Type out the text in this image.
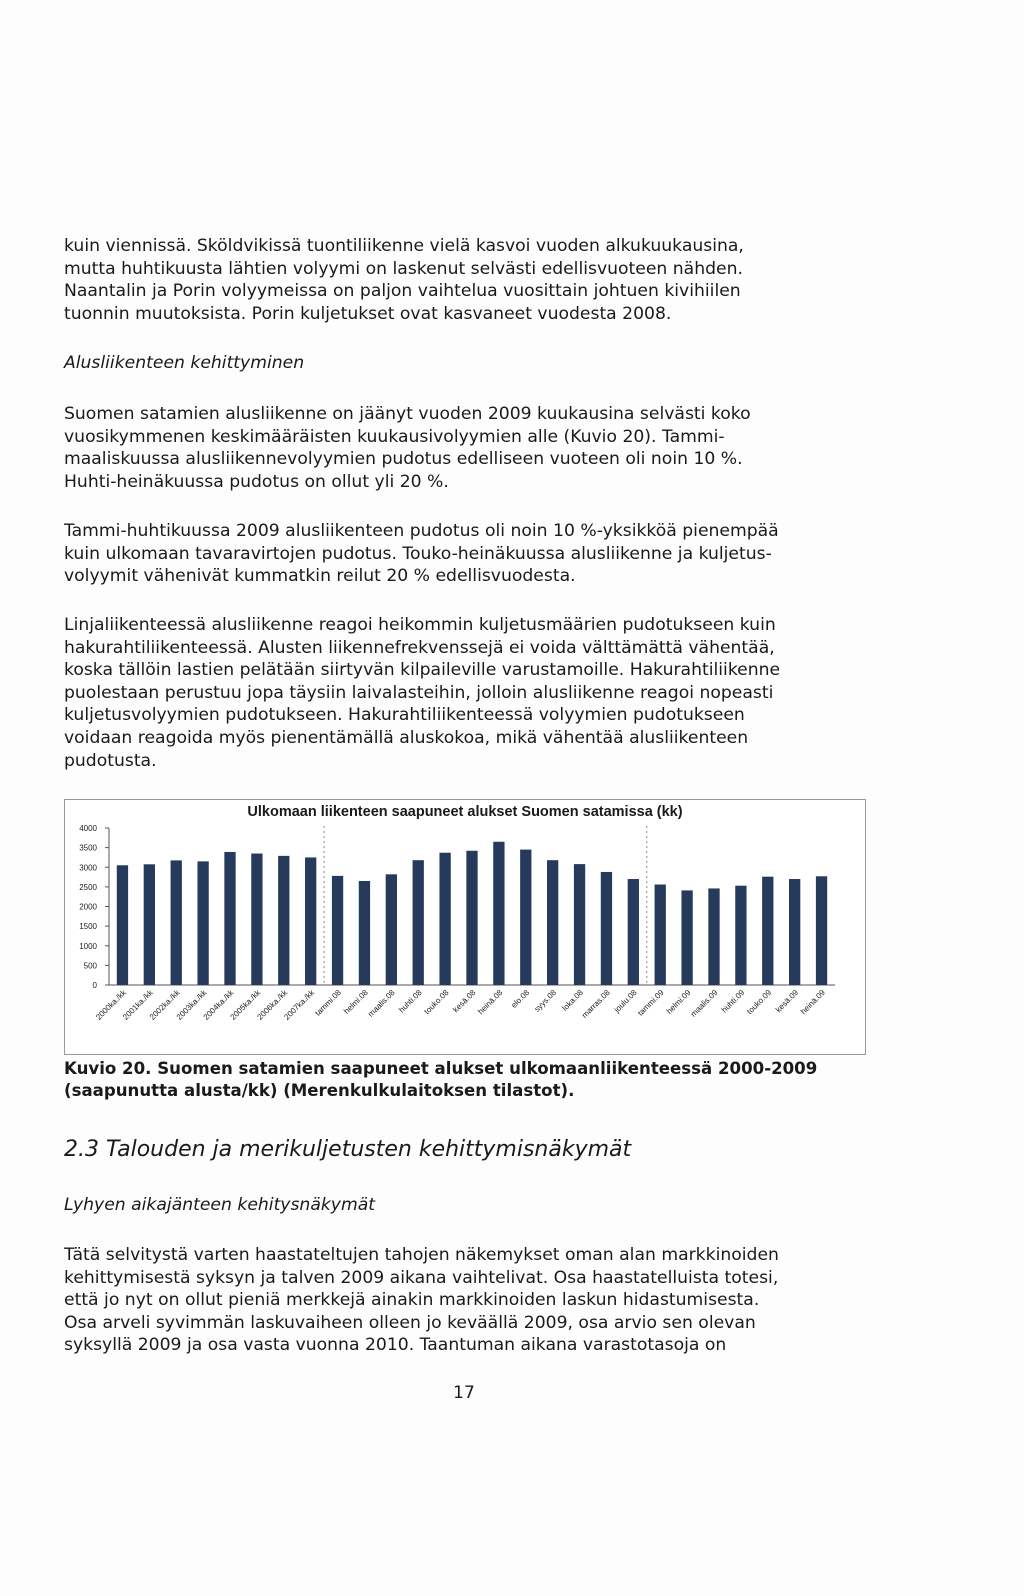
kuin viennissä. Sköldvikissä tuontiliikenne vielä kasvoi vuoden alkukuukausina,
mutta huhtikuusta lähtien volyymi on laskenut selvästi edellisvuoteen nähden.
Naantalin ja Porin volyymeissa on paljon vaihtelua vuosittain johtuen kivihiilen
tuonnin muutoksista. Porin kuljetukset ovat kasvaneet vuodesta 2008.

Alusliikenteen kehittyminen

Suomen satamien alusliikenne on jäänyt vuoden 2009 kuukausina selvästi koko
vuosikymmenen keskimääräisten kuukausivolyymien alle (Kuvio 20). Tammi-
maaliskuussa alusliikennevolyymien pudotus edelliseen vuoteen oli noin 10 %.
Huhti-heinäkuussa pudotus on ollut yli 20 %.
Tammi-huhtikuussa 2009 alusliikenteen pudotus oli noin 10 %-yksikköä pienempää
kuin ulkomaan tavaravirtojen pudotus. Touko-heinäkuussa alusliikenne ja kuljetus-
volyymit vähenivät kummatkin reilut 20 % edellisvuodesta.
Linjaliikenteessä alusliikenne reagoi heikommin kuljetusmäärien pudotukseen kuin
hakurahtiliikenteessä. Alusten liikennefrekvenssejä ei voida välttämättä vähentää,
koska tällöin lastien pelätään siirtyvän kilpaileville varustamoille. Hakurahtiliikenne
puolestaan perustuu jopa täysiin laivalasteihin, jolloin alusliikenne reagoi nopeasti
kuljetusvolyymien pudotukseen. Hakurahtiliikenteessä volyymien pudotukseen
voidaan reagoida myös pienentämällä aluskokoa, mikä vähentää alusliikenteen
pudotusta.
Ulkomaan liikenteen saapuneet alukset Suomen satamissa (kk)
0
500
1000
1500
2000
2500
3000
3500
4000
2000ka./kk
2001ka./kk
2002ka./kk
2003ka./kk
2004ka./kk
2005ka./kk
2006ka./kk
2007ka./kk
tammi.08 helmi.08
maalis.08 huhti.08
touko.08 kesä.08
heinä.08 elo.08 syys.08 loka.08
marras.08 joulu.08
tammi.09 helmi.09
maalis.09 huhti.09
touko.09 kesä.09
heinä.09
Kuvio 20. Suomen satamien saapuneet alukset ulkomaanliikenteessä 2000-2009
(saapunutta alusta/kk) (Merenkulkulaitoksen tilastot).

2.3 Talouden ja merikuljetusten kehittymisnäkymät

Lyhyen aikajänteen kehitysnäkymät

Tätä selvitystä varten haastateltujen tahojen näkemykset oman alan markkinoiden
kehittymisestä syksyn ja talven 2009 aikana vaihtelivat. Osa haastatelluista totesi,
että jo nyt on ollut pieniä merkkejä ainakin markkinoiden laskun hidastumisesta.
Osa arveli syvimmän laskuvaiheen olleen jo keväällä 2009, osa arvio sen olevan
syksyllä 2009 ja osa vasta vuonna 2010. Taantuman aikana varastotasoja on
17
